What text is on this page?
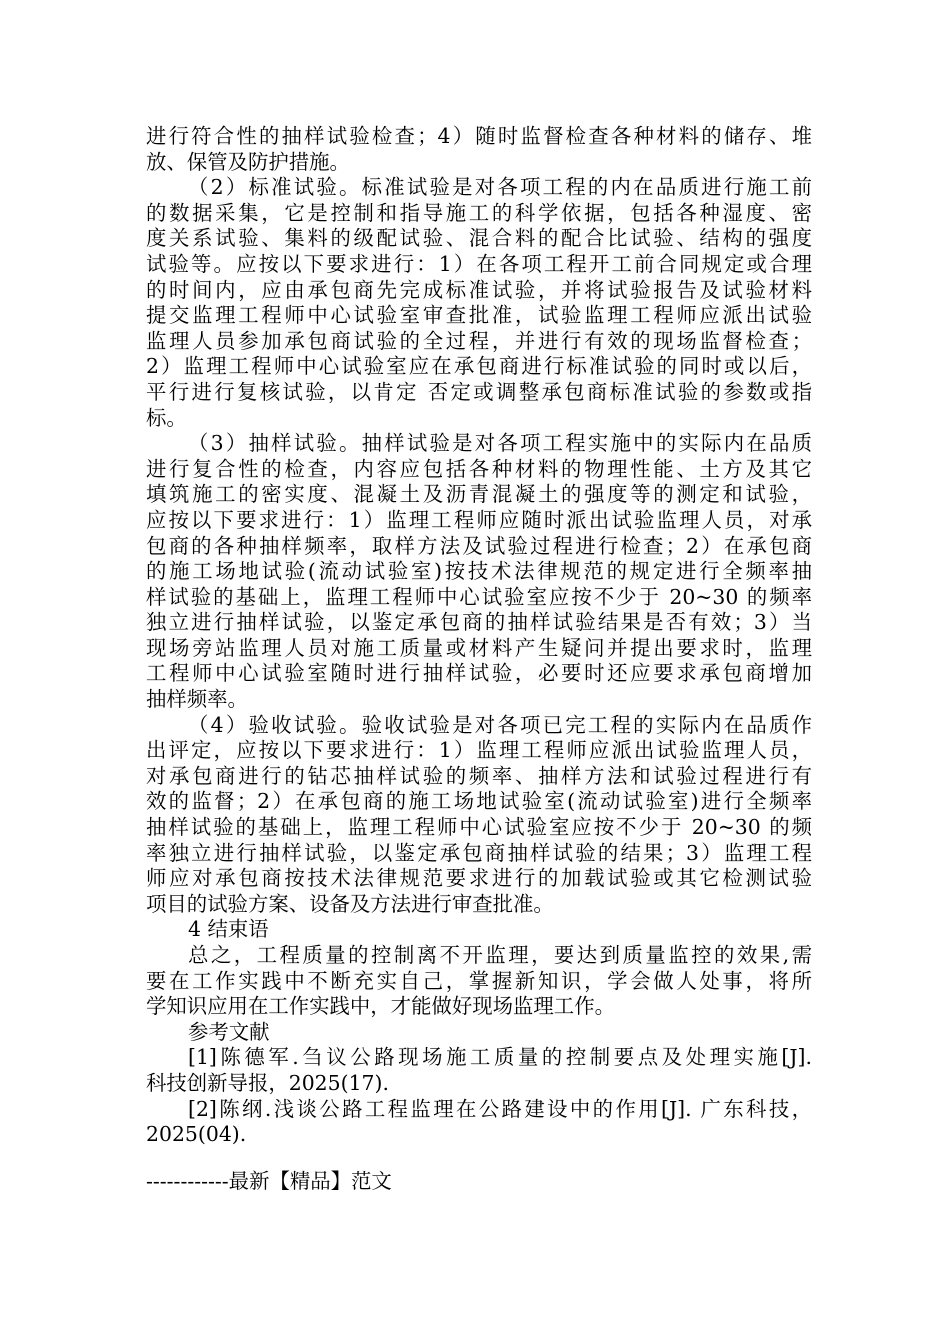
进行符合性的抽样试验检查；4）随时监督检查各种材料的储存、堆
放、保管及防护措施。
（2）标准试验。标准试验是对各项工程的内在品质进行施工前
的数据采集，它是控制和指导施工的科学依据，包括各种湿度、密
度关系试验、集料的级配试验、混合料的配合比试验、结构的强度
试验等。应按以下要求进行：1）在各项工程开工前合同规定或合理
的时间内，应由承包商先完成标准试验，并将试验报告及试验材料
提交监理工程师中心试验室审查批准，试验监理工程师应派出试验
监理人员参加承包商试验的全过程，并进行有效的现场监督检查；
2）监理工程师中心试验室应在承包商进行标准试验的同时或以后，
平行进行复核试验，以肯定 否定或调整承包商标准试验的参数或指
标。
（3）抽样试验。抽样试验是对各项工程实施中的实际内在品质
进行复合性的检查，内容应包括各种材料的物理性能、土方及其它
填筑施工的密实度、混凝土及沥青混凝土的强度等的测定和试验，
应按以下要求进行：1）监理工程师应随时派出试验监理人员，对承
包商的各种抽样频率，取样方法及试验过程进行检查；2）在承包商
的施工场地试验(流动试验室)按技术法律规范的规定进行全频率抽
样试验的基础上，监理工程师中心试验室应按不少于 20~30 的频率
独立进行抽样试验，以鉴定承包商的抽样试验结果是否有效；3）当
现场旁站监理人员对施工质量或材料产生疑问并提出要求时，监理
工程师中心试验室随时进行抽样试验，必要时还应要求承包商增加
抽样频率。
（4）验收试验。验收试验是对各项已完工程的实际内在品质作
出评定，应按以下要求进行：1）监理工程师应派出试验监理人员，
对承包商进行的钻芯抽样试验的频率、抽样方法和试验过程进行有
效的监督；2）在承包商的施工场地试验室(流动试验室)进行全频率
抽样试验的基础上，监理工程师中心试验室应按不少于 20~30 的频
率独立进行抽样试验，以鉴定承包商抽样试验的结果；3）监理工程
师应对承包商按技术法律规范要求进行的加载试验或其它检测试验
项目的试验方案、设备及方法进行审查批准。
4 结束语
总之，工程质量的控制离不开监理，要达到质量监控的效果,需
要在工作实践中不断充实自己，掌握新知识，学会做人处事，将所
学知识应用在工作实践中，才能做好现场监理工作。
参考文献
[1]陈德军.刍议公路现场施工质量的控制要点及处理实施[J].
科技创新导报，2025(17).
[2]陈纲.浅谈公路工程监理在公路建设中的作用[J]. 广东科技，
2025(04).
------------最新【精品】范文
